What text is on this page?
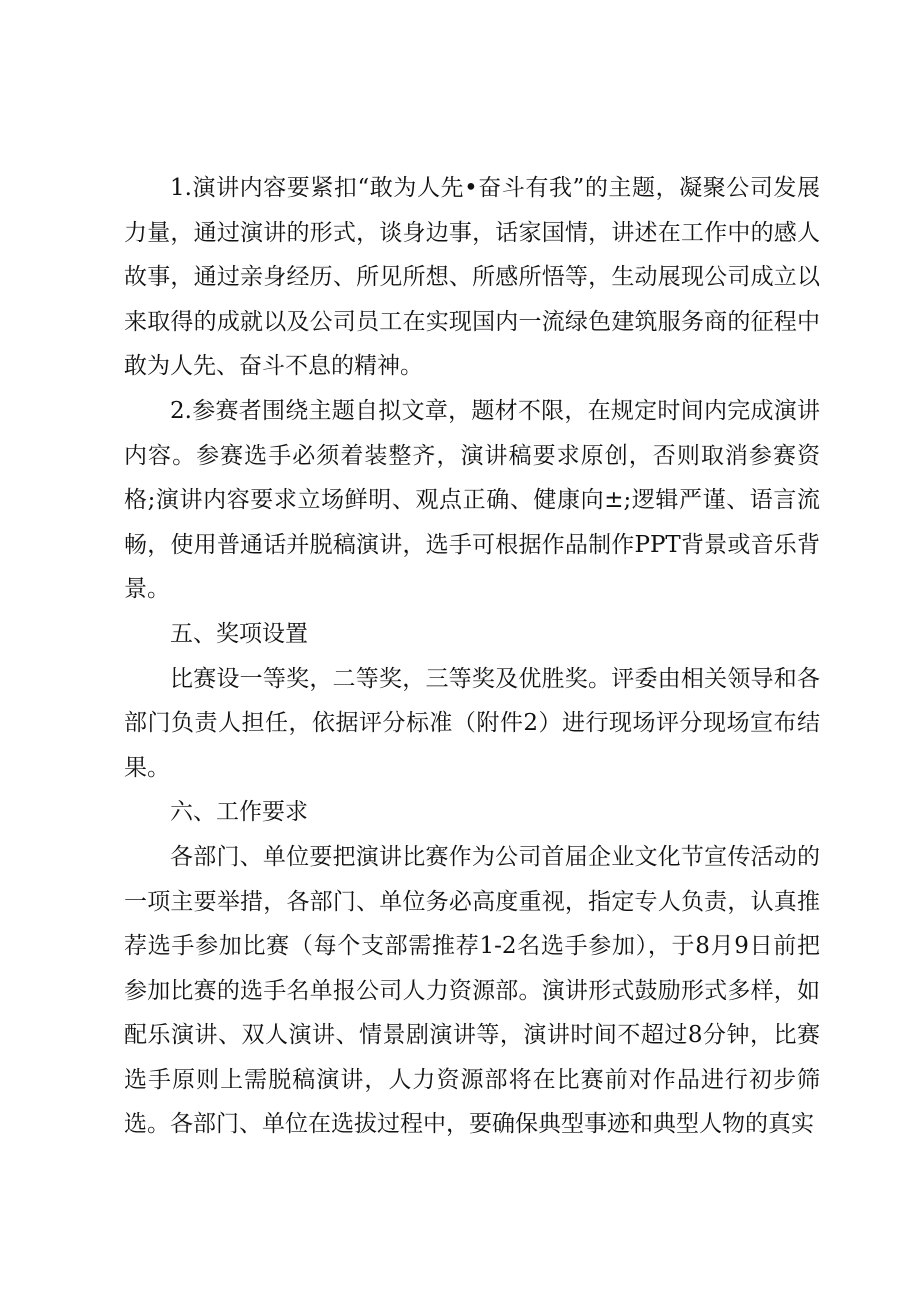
1.演讲内容要紧扣“敢为人先•奋斗有我”的主题，凝聚公司发展力量，通过演讲的形式，谈身边事，话家国情，讲述在工作中的感人故事，通过亲身经历、所见所想、所感所悟等，生动展现公司成立以来取得的成就以及公司员工在实现国内一流绿色建筑服务商的征程中敢为人先、奋斗不息的精神。

2.参赛者围绕主题自拟文章，题材不限，在规定时间内完成演讲内容。参赛选手必须着装整齐，演讲稿要求原创，否则取消参赛资格;演讲内容要求立场鲜明、观点正确、健康向±;逻辑严谨、语言流畅，使用普通话并脱稿演讲，选手可根据作品制作PPT背景或音乐背景。

五、奖项设置

比赛设一等奖，二等奖，三等奖及优胜奖。评委由相关领导和各部门负责人担任，依据评分标准（附件2）进行现场评分现场宣布结果。

六、工作要求

各部门、单位要把演讲比赛作为公司首届企业文化节宣传活动的一项主要举措，各部门、单位务必高度重视，指定专人负责，认真推荐选手参加比赛（每个支部需推荐1-2名选手参加），于8月9日前把参加比赛的选手名单报公司人力资源部。演讲形式鼓励形式多样，如配乐演讲、双人演讲、情景剧演讲等，演讲时间不超过8分钟，比赛选手原则上需脱稿演讲，人力资源部将在比赛前对作品进行初步筛选。各部门、单位在选拔过程中，要确保典型事迹和典型人物的真实
